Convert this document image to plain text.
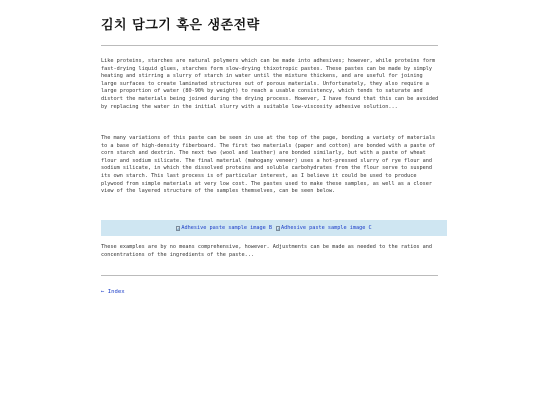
김치 담그기 혹은 생존전략

Like proteins, starches are natural polymers which can be made into adhesives; however, while proteins form fast-drying liquid glues, starches form slow-drying thixotropic pastes. These pastes can be made by simply heating and stirring a slurry of starch in water until the mixture thickens, and are useful for joining large surfaces to create laminated structures out of porous materials. Unfortunately, they also require a large proportion of water (80-90% by weight) to reach a usable consistency, which tends to saturate and distort the materials being joined during the drying process. However, I have found that this can be avoided by replacing the water in the initial slurry with a suitable low-viscosity adhesive solution...

The many variations of this paste can be seen in use at the top of the page, bonding a variety of materials to a base of high-density fiberboard. The first two materials (paper and cotton) are bonded with a paste of corn starch and dextrin. The next two (wool and leather) are bonded similarly, but with a paste of wheat flour and sodium silicate. The final material (mahogany veneer) uses a hot-pressed slurry of rye flour and sodium silicate, in which the dissolved proteins and soluble carbohydrates from the flour serve to suspend its own starch. This last process is of particular interest, as I believe it could be used to produce plywood from simple materials at very low cost. The pastes used to make these samples, as well as a closer view of the layered structure of the samples themselves, can be seen below.

Adhesive paste sample image B Adhesive paste sample image C

These examples are by no means comprehensive, however. Adjustments can be made as needed to the ratios and concentrations of the ingredients of the paste...

← Index
